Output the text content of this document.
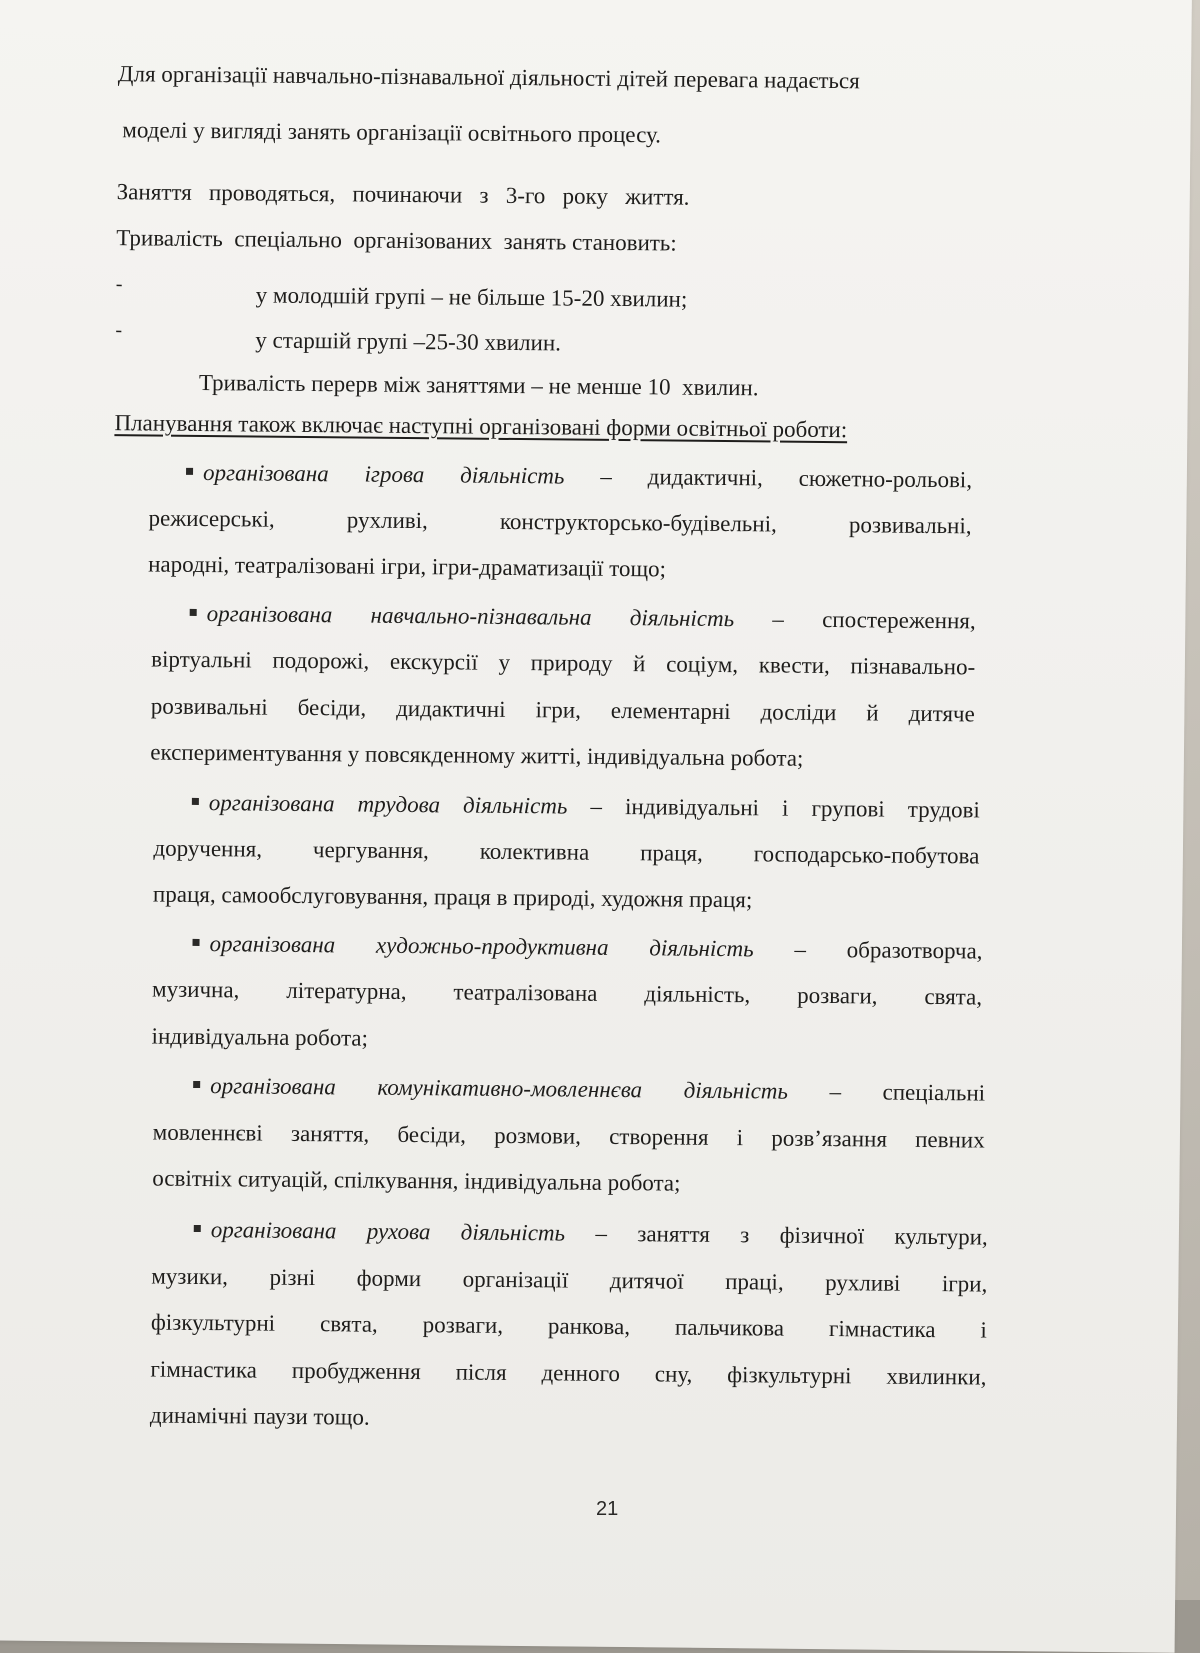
Для організації навчально-пізнавальної діяльності дітей перевага надається
моделі у вигляді занять організації освітнього процесу.
Заняття   проводяться,   починаючи   з   3-го   року   життя.
Тривалість  спеціально  організованих  занять становить:
-	у молодшій групі – не більше 15-20 хвилин;
-	у старшій групі –25-30 хвилин.
Тривалість перерв між заняттями – не менше 10  хвилин.
Планування також включає наступні організовані форми освітньої роботи:
організована ігрова діяльність – дидактичні, сюжетно-рольові,
режисерські, рухливі, конструкторсько-будівельні, розвивальні,
народні, театралізовані ігри, ігри-драматизації тощо;
організована навчально-пізнавальна діяльність – спостереження,
віртуальні подорожі, екскурсії у природу й соціум, квести, пізнавально-
розвивальні бесіди, дидактичні ігри, елементарні досліди й дитяче
експериментування у повсякденному житті, індивідуальна робота;
організована трудова діяльність – індивідуальні і групові трудові
доручення, чергування, колективна праця, господарсько-побутова
праця, самообслуговування, праця в природі, художня праця;
організована художньо-продуктивна діяльність – образотворча,
музична, літературна, театралізована діяльність, розваги, свята,
індивідуальна робота;
організована комунікативно-мовленнєва діяльність – спеціальні
мовленнєві заняття, бесіди, розмови, створення і розв’язання певних
освітніх ситуацій, спілкування, індивідуальна робота;
організована рухова діяльність – заняття з фізичної культури,
музики, різні форми організації дитячої праці, рухливі ігри,
фізкультурні свята, розваги, ранкова, пальчикова гімнастика і
гімнастика пробудження після денного сну, фізкультурні хвилинки,
динамічні паузи тощо.
21
